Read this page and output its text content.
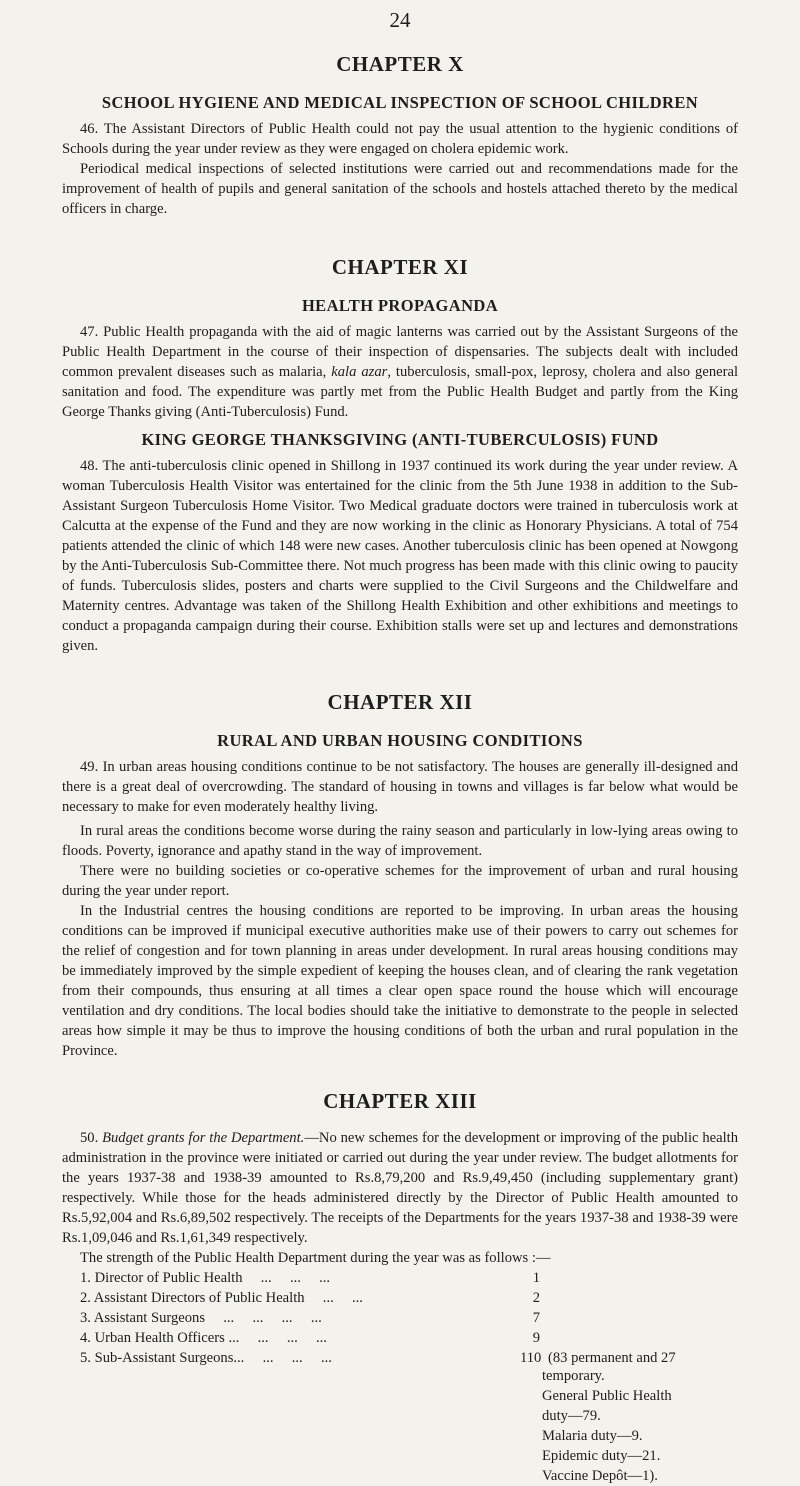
24
CHAPTER X
SCHOOL HYGIENE AND MEDICAL INSPECTION OF SCHOOL CHILDREN

46. The Assistant Directors of Public Health could not pay the usual attention to the hygienic conditions of Schools during the year under review as they were engaged on cholera epidemic work.

Periodical medical inspections of selected institutions were carried out and recommendations made for the improvement of health of pupils and general sanitation of the schools and hostels attached thereto by the medical officers in charge.

CHAPTER XI
HEALTH PROPAGANDA

47. Public Health propaganda with the aid of magic lanterns was carried out by the Assistant Surgeons of the Public Health Department in the course of their inspection of dispensaries. The subjects dealt with included common prevalent diseases such as malaria, kala azar, tuberculosis, small-pox, leprosy, cholera and also general sanitation and food. The expenditure was partly met from the Public Health Budget and partly from the King George Thanks giving (Anti-Tuberculosis) Fund.

KING GEORGE THANKSGIVING (ANTI-TUBERCULOSIS) FUND

48. The anti-tuberculosis clinic opened in Shillong in 1937 continued its work during the year under review. A woman Tuberculosis Health Visitor was entertained for the clinic from the 5th June 1938 in addition to the Sub-Assistant Surgeon Tuberculosis Home Visitor. Two Medical graduate doctors were trained in tuberculosis work at Calcutta at the expense of the Fund and they are now working in the clinic as Honorary Physicians. A total of 754 patients attended the clinic of which 148 were new cases. Another tuberculosis clinic has been opened at Nowgong by the Anti-Tuberculosis Sub-Committee there. Not much progress has been made with this clinic owing to paucity of funds. Tuberculosis slides, posters and charts were supplied to the Civil Surgeons and the Childwelfare and Maternity centres. Advantage was taken of the Shillong Health Exhibition and other exhibitions and meetings to conduct a propaganda campaign during their course. Exhibition stalls were set up and lectures and demonstrations given.

CHAPTER XII
RURAL AND URBAN HOUSING CONDITIONS

49. In urban areas housing conditions continue to be not satisfactory. The houses are generally ill-designed and there is a great deal of overcrowding. The standard of housing in towns and villages is far below what would be necessary to make for even moderately healthy living.

In rural areas the conditions become worse during the rainy season and particularly in low-lying areas owing to floods. Poverty, ignorance and apathy stand in the way of improvement.

There were no building societies or co-operative schemes for the improvement of urban and rural housing during the year under report.

In the Industrial centres the housing conditions are reported to be improving. In urban areas the housing conditions can be improved if municipal executive authorities make use of their powers to carry out schemes for the relief of congestion and for town planning in areas under development. In rural areas housing conditions may be immediately improved by the simple expedient of keeping the houses clean, and of clearing the rank vegetation from their compounds, thus ensuring at all times a clear open space round the house which will encourage ventilation and dry conditions. The local bodies should take the initiative to demonstrate to the people in selected areas how simple it may be thus to improve the housing conditions of both the urban and rural population in the Province.

CHAPTER XIII

50. Budget grants for the Department.—No new schemes for the development or improving of the public health administration in the province were initiated or carried out during the year under review. The budget allotments for the years 1937-38 and 1938-39 amounted to Rs.8,79,200 and Rs.9,49,450 (including supplementary grant) respectively. While those for the heads administered directly by the Director of Public Health amounted to Rs.5,92,004 and Rs.6,89,502 respectively. The receipts of the Departments for the years 1937-38 and 1938-39 were Rs.1,09,046 and Rs.1,61,349 respectively.

The strength of the Public Health Department during the year was as follows :—

1. Director of Public Health     ...     ...     ...	1
2. Assistant Directors of Public Health     ...     ...	2
3. Assistant Surgeons     ...     ...     ...     ...	7
4. Urban Health Officers ...     ...     ...     ...	9
5. Sub-Assistant Surgeons...     ...     ...     ...	110 (83 permanent and 27
temporary.
General Public Health
duty—79.
Malaria duty—9.
Epidemic duty—21.
Vaccine Depôt—1).
